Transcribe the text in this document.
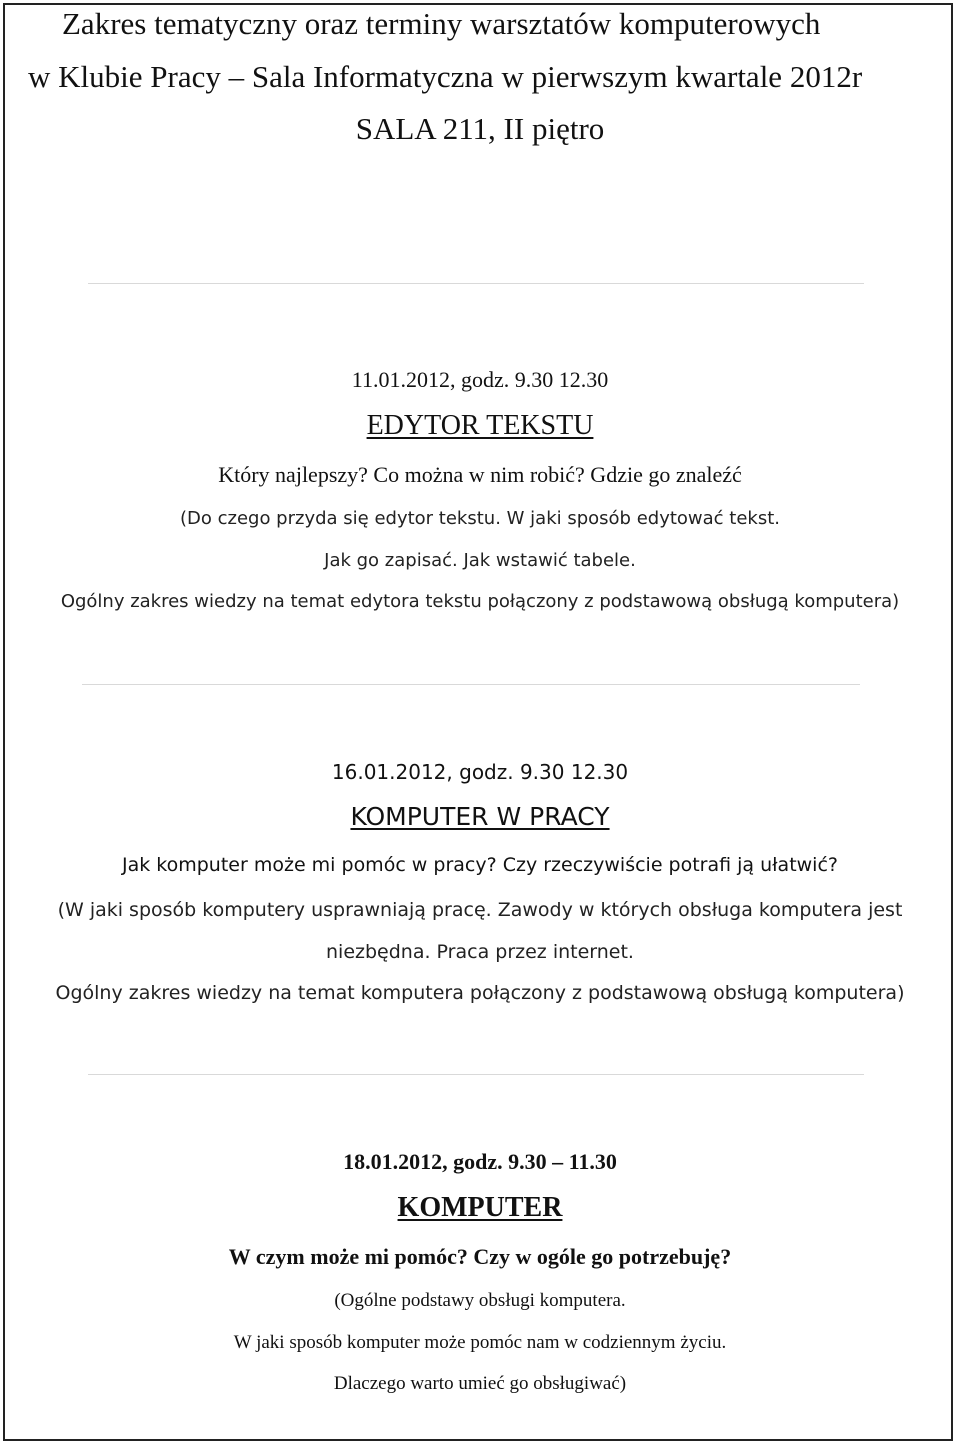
Zakres tematyczny oraz terminy warsztatów komputerowych
w Klubie Pracy – Sala Informatyczna w pierwszym kwartale 2012r
SALA 211, II piętro
11.01.2012, godz. 9.30 12.30
EDYTOR TEKSTU
Który najlepszy? Co można w nim robić? Gdzie go znaleźć
(Do czego przyda się edytor tekstu. W jaki sposób edytować tekst.
Jak go zapisać. Jak wstawić tabele.
Ogólny zakres wiedzy na temat edytora tekstu połączony z podstawową obsługą komputera)
16.01.2012, godz. 9.30 12.30
KOMPUTER W PRACY
Jak komputer może mi pomóc w pracy? Czy rzeczywiście potrafi ją ułatwić?
(W jaki sposób komputery usprawniają pracę. Zawody w których obsługa komputera jest
niezbędna. Praca przez internet.
Ogólny zakres wiedzy na temat komputera połączony z podstawową obsługą komputera)
18.01.2012, godz. 9.30 – 11.30
KOMPUTER
W czym może mi pomóc? Czy w ogóle go potrzebuję?
(Ogólne podstawy obsługi komputera.
W jaki sposób komputer może pomóc nam w codziennym życiu.
Dlaczego warto umieć go obsługiwać)
